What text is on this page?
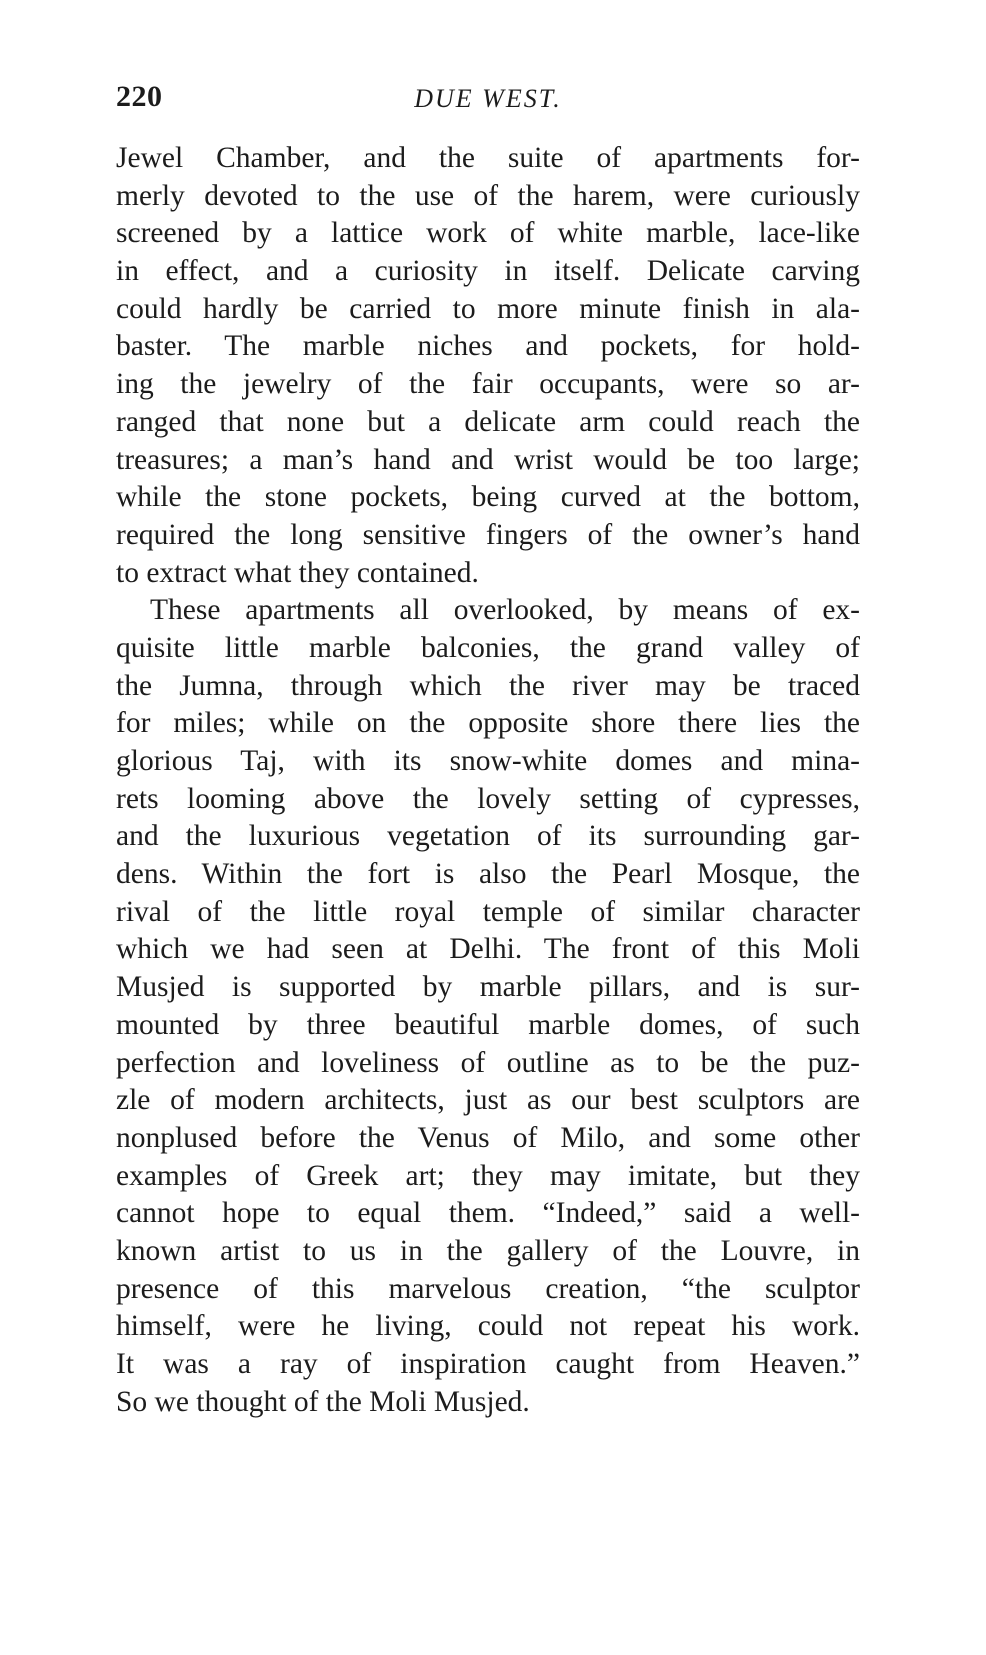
220	DUE WEST.
Jewel Chamber, and the suite of apartments for-
merly devoted to the use of the harem, were curiously
screened by a lattice work of white marble, lace-like
in effect, and a curiosity in itself. Delicate carving
could hardly be carried to more minute finish in ala-
baster. The marble niches and pockets, for hold-
ing the jewelry of the fair occupants, were so ar-
ranged that none but a delicate arm could reach the
treasures; a man’s hand and wrist would be too large;
while the stone pockets, being curved at the bottom,
required the long sensitive fingers of the owner’s hand
to extract what they contained.
These apartments all overlooked, by means of ex-
quisite little marble balconies, the grand valley of
the Jumna, through which the river may be traced
for miles; while on the opposite shore there lies the
glorious Taj, with its snow-white domes and mina-
rets looming above the lovely setting of cypresses,
and the luxurious vegetation of its surrounding gar-
dens. Within the fort is also the Pearl Mosque, the
rival of the little royal temple of similar character
which we had seen at Delhi. The front of this Moli
Musjed is supported by marble pillars, and is sur-
mounted by three beautiful marble domes, of such
perfection and loveliness of outline as to be the puz-
zle of modern architects, just as our best sculptors are
nonplused before the Venus of Milo, and some other
examples of Greek art; they may imitate, but they
cannot hope to equal them. “Indeed,” said a well-
known artist to us in the gallery of the Louvre, in
presence of this marvelous creation, “the sculptor
himself, were he living, could not repeat his work.
It was a ray of inspiration caught from Heaven.”
So we thought of the Moli Musjed.
